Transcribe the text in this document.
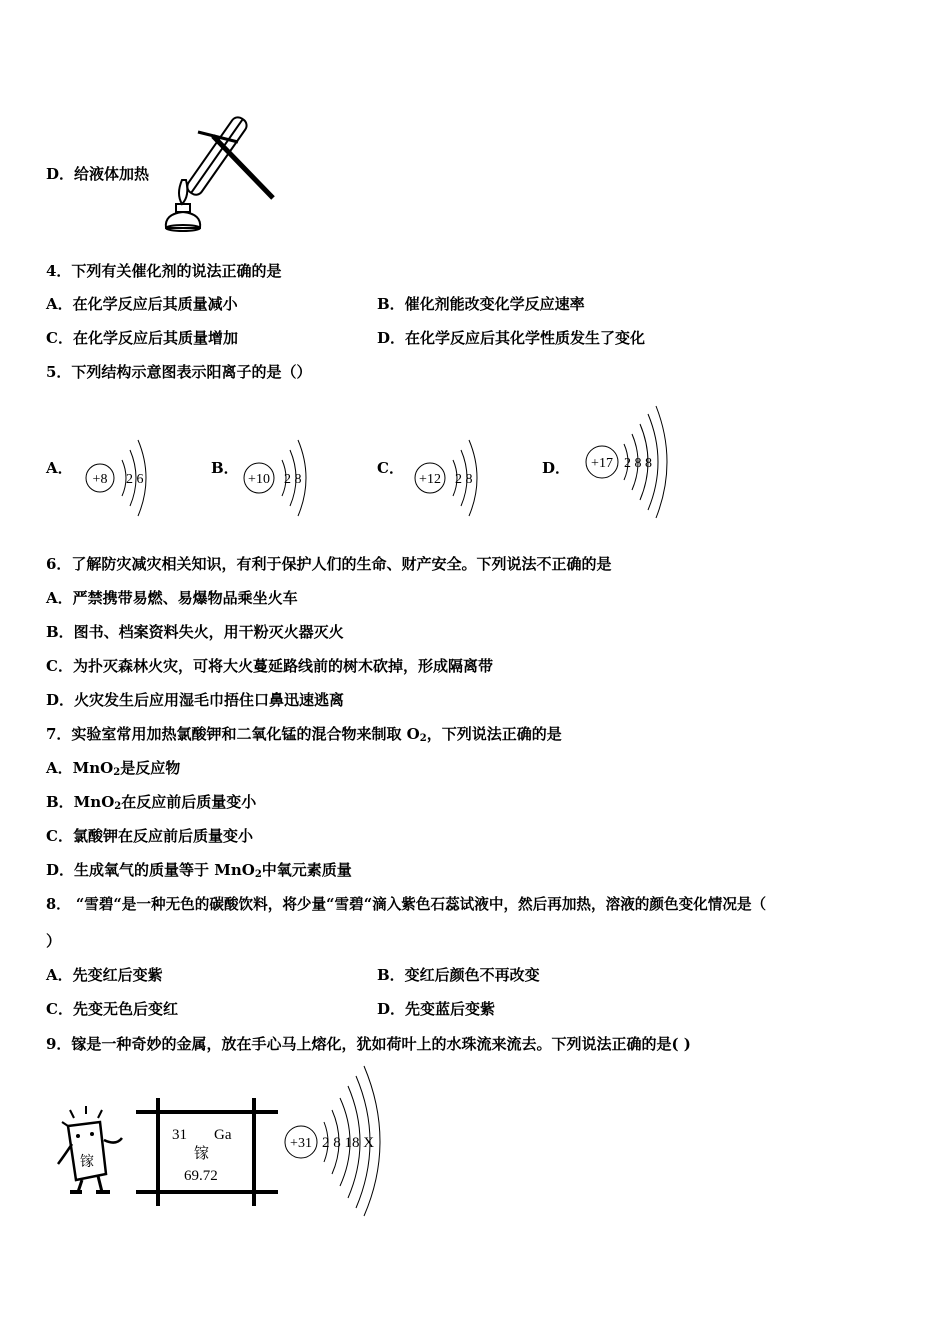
D．给液体加热
4．下列有关催化剂的说法正确的是
A．在化学反应后其质量减小	B．催化剂能改变化学反应速率
C．在化学反应后其质量增加	D．在化学反应后其化学性质发生了变化
5．下列结构示意图表示阳离子的是（）
A．
+8 2 6
B．
+10 2 8
C．
+12 2 8
D． +17 2 8 8
6．了解防灾减灾相关知识，有利于保护人们的生命、财产安全。下列说法不正确的是
A．严禁携带易燃、易爆物品乘坐火车
B．图书、档案资料失火，用干粉灭火器灭火
C．为扑灭森林火灾，可将大火蔓延路线前的树木砍掉，形成隔离带
D．火灾发生后应用湿毛巾捂住口鼻迅速逃离
7．实验室常用加热氯酸钾和二氧化锰的混合物来制取 $O_2$，下列说法正确的是
A．MnO$_2$是反应物
B．MnO$_2$在反应前后质量变小
C．氯酸钾在反应前后质量变小
D．生成氧气的质量等于 MnO$_2$中氧元素质量
8． “雪碧“是一种无色的碳酸饮料，将少量“雪碧“滴入紫色石蕊试液中，然后再加热，溶液的颜色变化情况是（
）
A．先变红后变紫	B．变红后颜色不再改变
C．先变无色后变红	D．先变蓝后变紫
9．镓是一种奇妙的金属，放在手心马上熔化，犹如荷叶上的水珠流来流去。下列说法正确的是( )
镓
31 Ga
镓
69.72
+31 2 8 18 X
